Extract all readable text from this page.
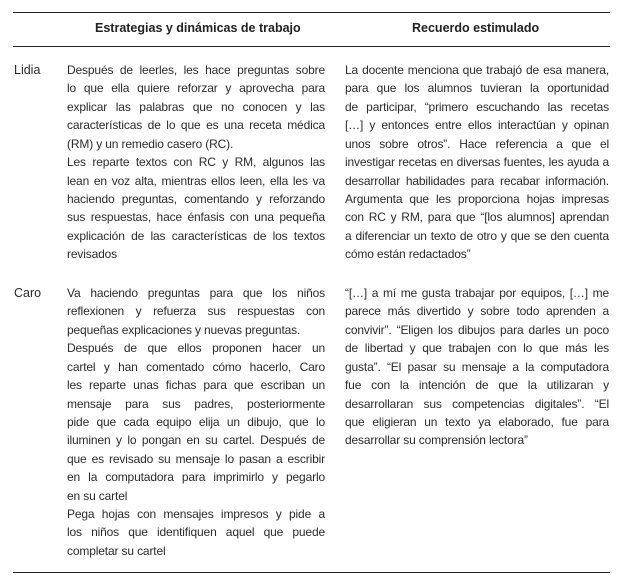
Estrategias y dinámicas de trabajo	Recuerdo estimulado
Lidia Después de leerles, les hace preguntas sobre
lo que ella quiere reforzar y aprovecha para
explicar las palabras que no conocen y las
características de lo que es una receta médica
(RM) y un remedio casero (RC).
Les reparte textos con RC y RM, algunos las
lean en voz alta, mientras ellos leen, ella les va
haciendo preguntas, comentando y reforzando
sus respuestas, hace énfasis con una pequeña
explicación de las características de los textos
revisados
La docente menciona que trabajó de esa manera,
para que los alumnos tuvieran la oportunidad
de participar, “primero escuchando las recetas
[…] y entonces entre ellos interactúan y opinan
unos sobre otros”. Hace referencia a que el
investigar recetas en diversas fuentes, les ayuda a
desarrollar habilidades para recabar información.
Argumenta que les proporciona hojas impresas
con RC y RM, para que “[los alumnos] aprendan
a diferenciar un texto de otro y que se den cuenta
cómo están redactados”
Caro Va haciendo preguntas para que los niños
reflexionen y refuerza sus respuestas con
pequeñas explicaciones y nuevas preguntas.
Después de que ellos proponen hacer un
cartel y han comentado cómo hacerlo, Caro
les reparte unas fichas para que escriban un
mensaje para sus padres, posteriormente
pide que cada equipo elija un dibujo, que lo
iluminen y lo pongan en su cartel. Después de
que es revisado su mensaje lo pasan a escribir
en la computadora para imprimirlo y pegarlo
en su cartel
Pega hojas con mensajes impresos y pide a
los niños que identifiquen aquel que puede
completar su cartel
“[…] a mí me gusta trabajar por equipos, […] me
parece más divertido y sobre todo aprenden a
convivir”. “Eligen los dibujos para darles un poco
de libertad y que trabajen con lo que más les
gusta”. “El pasar su mensaje a la computadora
fue con la intención de que la utilizaran y
desarrollaran sus competencias digitales”. “El
que eligieran un texto ya elaborado, fue para
desarrollar su comprensión lectora”
